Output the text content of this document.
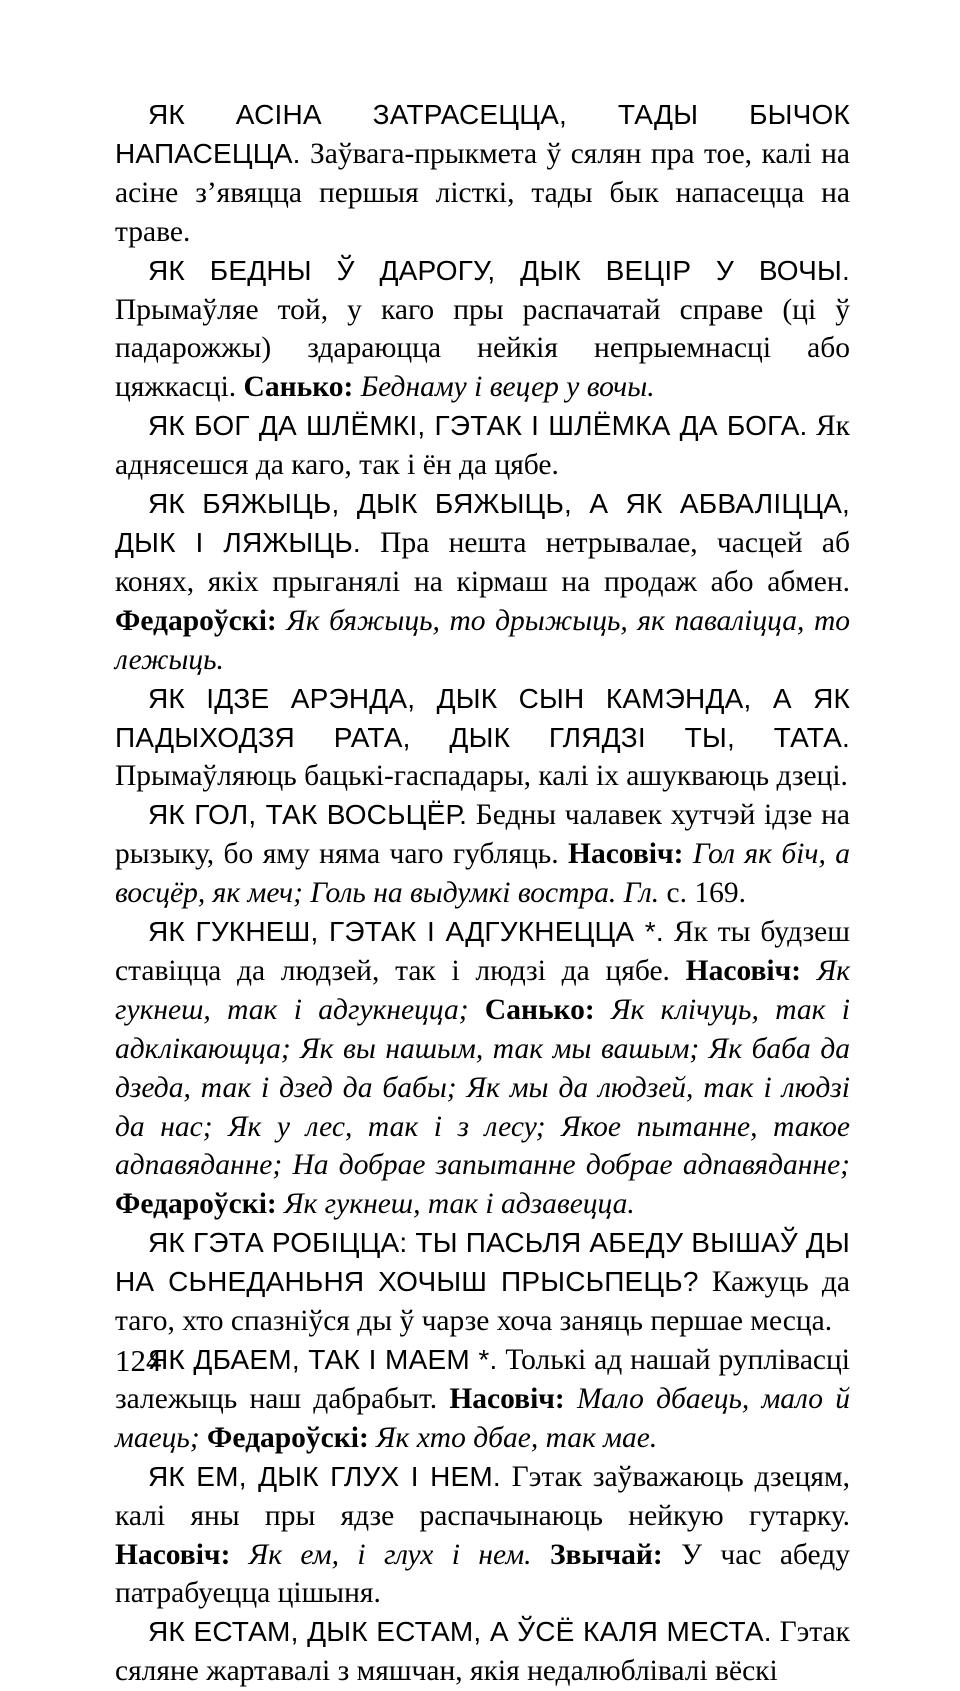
ЯК АСІНА ЗАТРАСЕЦЦА, ТАДЫ БЫЧОК НАПАСЕЦЦА. Заўвага-прыкмета ў сялян пра тое, калі на асіне з’явяцца першыя лісткі, тады бык напасецца на траве.

ЯК БЕДНЫ Ў ДАРОГУ, ДЫК ВЕЦІР У ВОЧЫ. Прымаўляе той, у каго пры распачатай справе (ці ў падарожжы) здараюцца нейкія непрыемнасці або цяжкасці. Санько: Беднаму і вецер у вочы.

ЯК БОГ ДА ШЛЁМКІ, ГЭТАК І ШЛЁМКА ДА БОГА. Як аднясешся да каго, так і ён да цябе.

ЯК БЯЖЫЦЬ, ДЫК БЯЖЫЦЬ, А ЯК АБВАЛІЦЦА, ДЫК І ЛЯЖЫЦЬ. Пра нешта нетрывалае, часцей аб конях, якіх прыганялі на кірмаш на продаж або абмен. Федароўскі: Як бяжыць, то дрыжыць, як паваліцца, то лежыць.

ЯК ІДЗЕ АРЭНДА, ДЫК СЫН КАМЭНДА, А ЯК ПАДЫХОДЗЯ РАТА, ДЫК ГЛЯДЗІ ТЫ, ТАТА. Прымаўляюць бацькі-гаспадары, калі іх ашукваюць дзеці.

ЯК ГОЛ, ТАК ВОСЬЦЁР. Бедны чалавек хутчэй ідзе на рызыку, бо яму няма чаго губляць. Насовіч: Гол як біч, а восцёр, як меч; Голь на выдумкі востра. Гл. с. 169.

ЯК ГУКНЕШ, ГЭТАК І АДГУКНЕЦЦА *. Як ты будзеш ставіцца да людзей, так і людзі да цябе. Насовіч: Як гукнеш, так і адгукнецца; Санько: Як клічуць, так і адклікающца; Як вы нашым, так мы вашым; Як баба да дзеда, так і дзед да бабы; Як мы да людзей, так і людзі да нас; Як у лес, так і з лесу; Якое пытанне, такое адпавяданне; На добрае запытанне добрае адпавяданне; Федароўскі: Як гукнеш, так і адзавецца.

ЯК ГЭТА РОБІЦЦА: ТЫ ПАСЬЛЯ АБЕДУ ВЫШАЎ ДЫ НА СЬНЕДАНЬНЯ ХОЧЫШ ПРЫСЬПЕЦЬ? Кажуць да таго, хто спазніўся ды ў чарзе хоча заняць першае месца.

ЯК ДБАЕМ, ТАК І МАЕМ *. Толькі ад нашай руплівасці залежыць наш дабрабыт. Насовіч: Мало дбаець, мало й маець; Федароўскі: Як хто дбае, так мае.

ЯК ЕМ, ДЫК ГЛУХ І НЕМ. Гэтак заўважаюць дзецям, калі яны пры ядзе распачынаюць нейкую гутарку. Насовіч: Як ем, і глух і нем. Звычай: У час абеду патрабуецца цішыня.

ЯК ЕСТАМ, ДЫК ЕСТАМ, А ЎСЁ КАЛЯ МЕСТА. Гэтак сяляне жартавалі з мяшчан, якія недалюблівалі вёскі

124
